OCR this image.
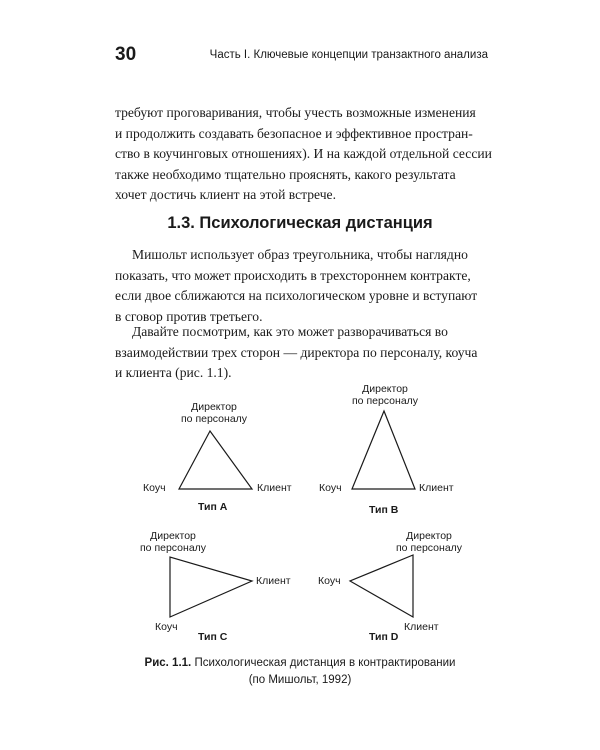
30	Часть I. Ключевые концепции транзактного анализа

требуют проговаривания, чтобы учесть возможные изменения
и продолжить создавать безопасное и эффективное простран-
ство в коучинговых отношениях). И на каждой отдельной сессии
также необходимо тщательно прояснять, какого результата
хочет достичь клиент на этой встрече.

1.3. Психологическая дистанция

Мишольт использует образ треугольника, чтобы наглядно
показать, что может происходить в трехстороннем контракте,
если двое сближаются на психологическом уровне и вступают
в сговор против третьего.

Давайте посмотрим, как это может разворачиваться во
взаимодействии трех сторон — директора по персоналу, коуча
и клиента (рис. 1.1).

Директор
по персоналу
Коуч	Клиент
Тип A
Директор
по персоналу
Коуч	Клиент
Тип B
Директор
по персоналу
Клиент
Коуч
Тип C
Директор
по персоналу
Коуч
Клиент
Тип D
Рис. 1.1. Психологическая дистанция в контрактировании
(по Мишольт, 1992)
